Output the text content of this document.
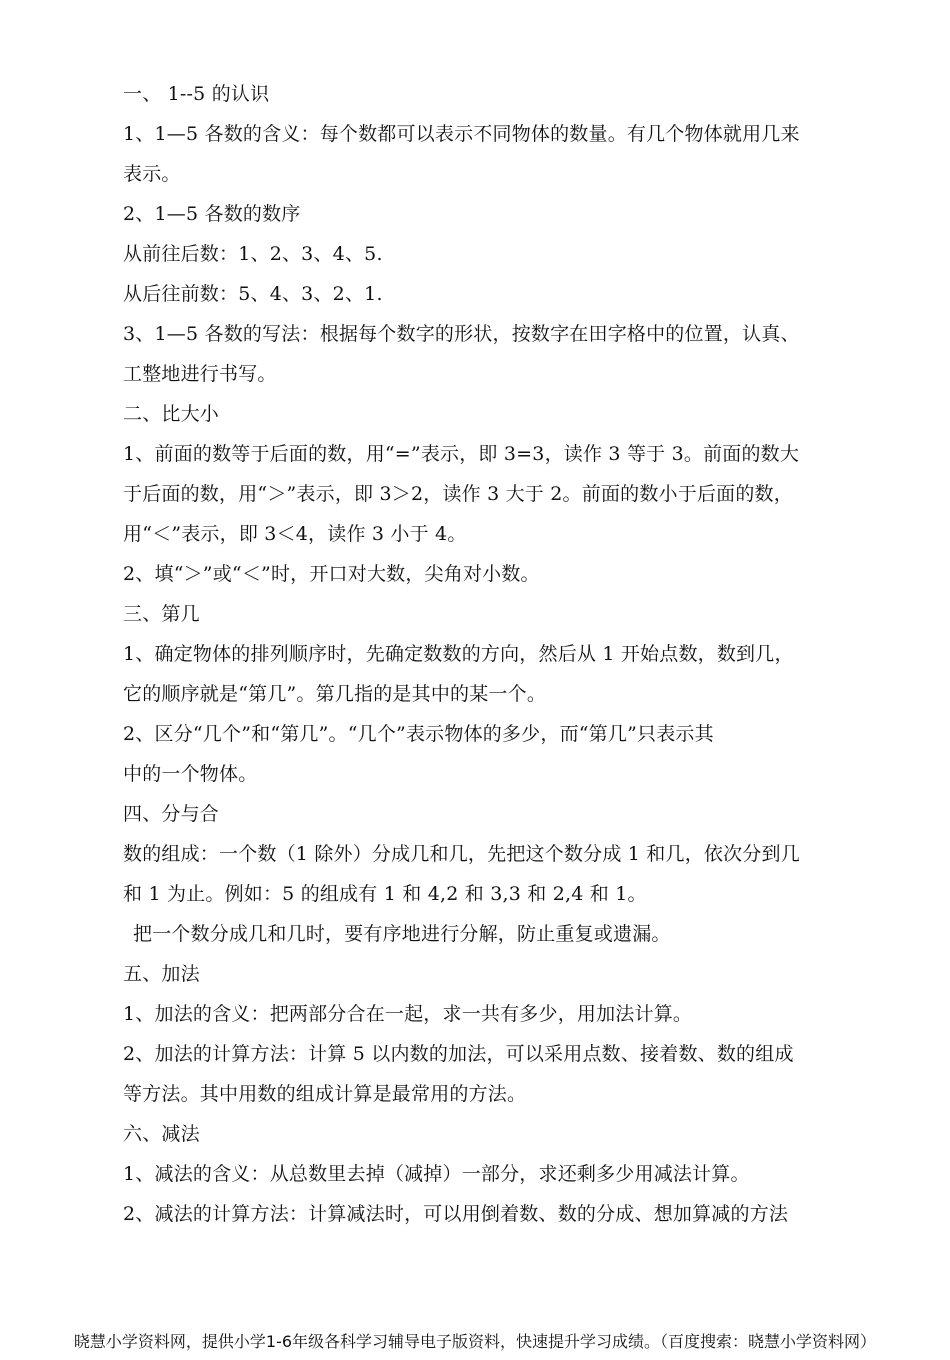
一、 1--5 的认识
1、1—5 各数的含义：每个数都可以表示不同物体的数量。有几个物体就用几来
表示。
2、1—5 各数的数序
从前往后数：1、2、3、4、5.
从后往前数：5、4、3、2、1.
3、1—5 各数的写法：根据每个数字的形状，按数字在田字格中的位置，认真、
工整地进行书写。
二、比大小
1、前面的数等于后面的数，用“=”表示，即 3=3，读作 3 等于 3。前面的数大
于后面的数，用“＞”表示，即 3＞2，读作 3 大于 2。前面的数小于后面的数，
用“＜”表示，即 3＜4，读作 3 小于 4。
2、填“＞”或“＜”时，开口对大数，尖角对小数。
三、第几
1、确定物体的排列顺序时，先确定数数的方向，然后从 1 开始点数，数到几，
它的顺序就是“第几”。第几指的是其中的某一个。
2、区分“几个”和“第几”。“几个”表示物体的多少，而“第几”只表示其
中的一个物体。
四、分与合
数的组成：一个数（1 除外）分成几和几，先把这个数分成 1 和几，依次分到几
和 1 为止。例如：5 的组成有 1 和 4,2 和 3,3 和 2,4 和 1。
把一个数分成几和几时，要有序地进行分解，防止重复或遗漏。
五、加法
1、加法的含义：把两部分合在一起，求一共有多少，用加法计算。
2、加法的计算方法：计算 5 以内数的加法，可以采用点数、接着数、数的组成
等方法。其中用数的组成计算是最常用的方法。
六、减法
1、减法的含义：从总数里去掉（减掉）一部分，求还剩多少用减法计算。
2、减法的计算方法：计算减法时，可以用倒着数、数的分成、想加算减的方法
晓慧小学资料网，提供小学1-6年级各科学习辅导电子版资料，快速提升学习成绩。（百度搜索：晓慧小学资料网）
